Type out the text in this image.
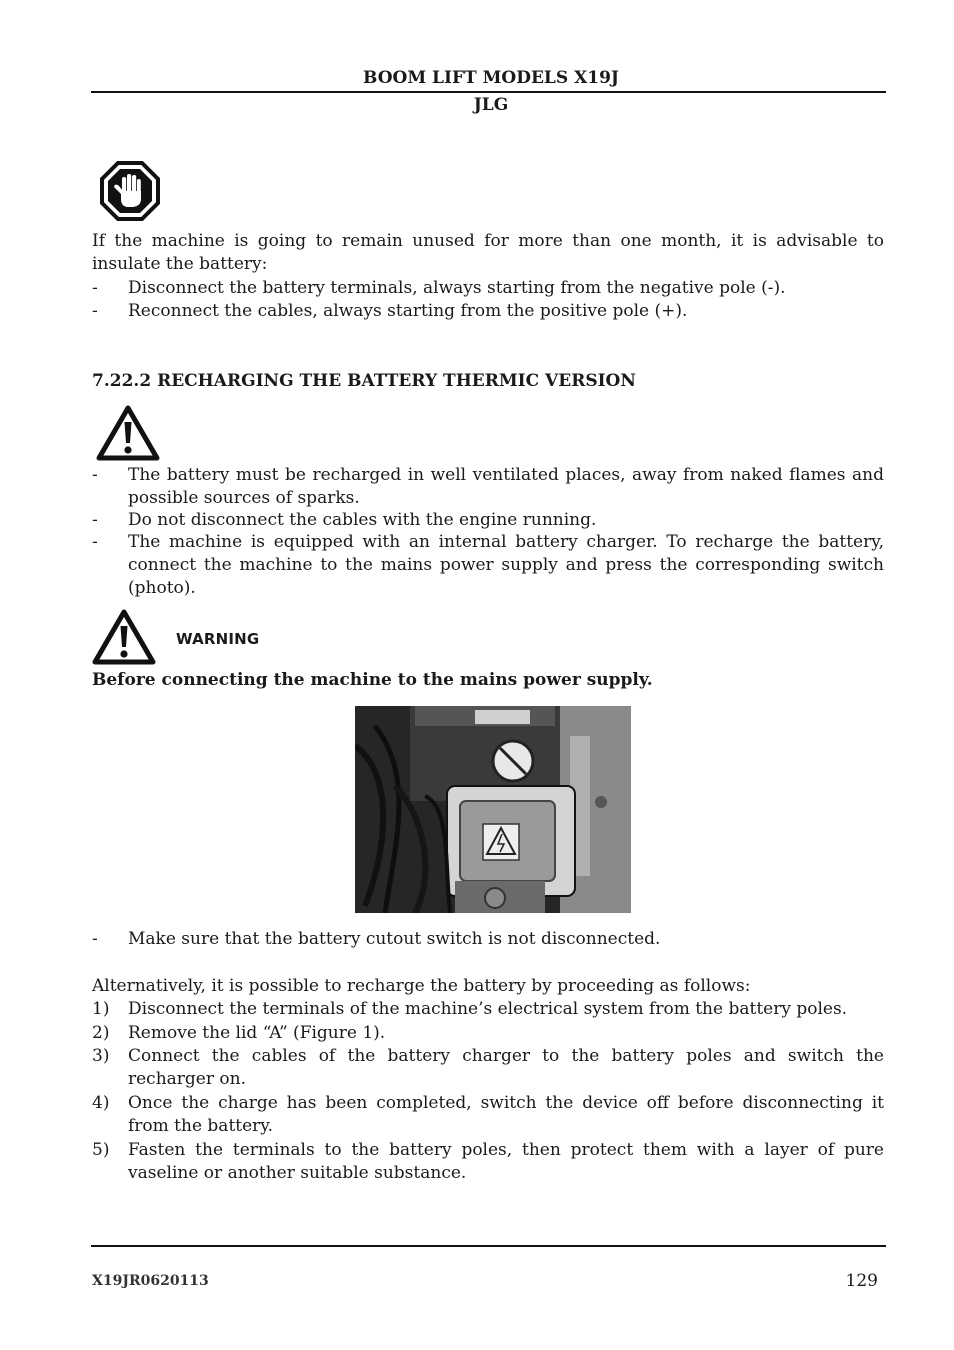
BOOM LIFT MODELS X19J
JLG
If the machine is going to remain unused for more than one month, it is advisable to insulate the battery:
-	Disconnect the battery terminals, always starting from the negative pole (-).
-	Reconnect the cables, always starting from the positive pole (+).
7.22.2 RECHARGING THE BATTERY THERMIC VERSION
-	The battery must be recharged in well ventilated places, away from naked flames and possible sources of sparks.
-	Do not disconnect the cables with the engine running.
-	The machine is equipped with an internal battery charger. To recharge the battery, connect the machine to the mains power supply and press the corresponding switch (photo).
WARNING
Before connecting the machine to the mains power supply.
-	Make sure that the battery cutout switch is not disconnected.
Alternatively, it is possible to recharge the battery by proceeding as follows:
1)	Disconnect the terminals of the machine’s electrical system from the battery poles.
2)	Remove the lid “A” (Figure 1).
3)	Connect the cables of the battery charger to the battery poles and switch the recharger on.
4)	Once the charge has been completed, switch the device off before disconnecting it from the battery.
5)	Fasten the terminals to the battery poles, then protect them with a layer of pure vaseline or another suitable substance.
X19JR0620113	129
